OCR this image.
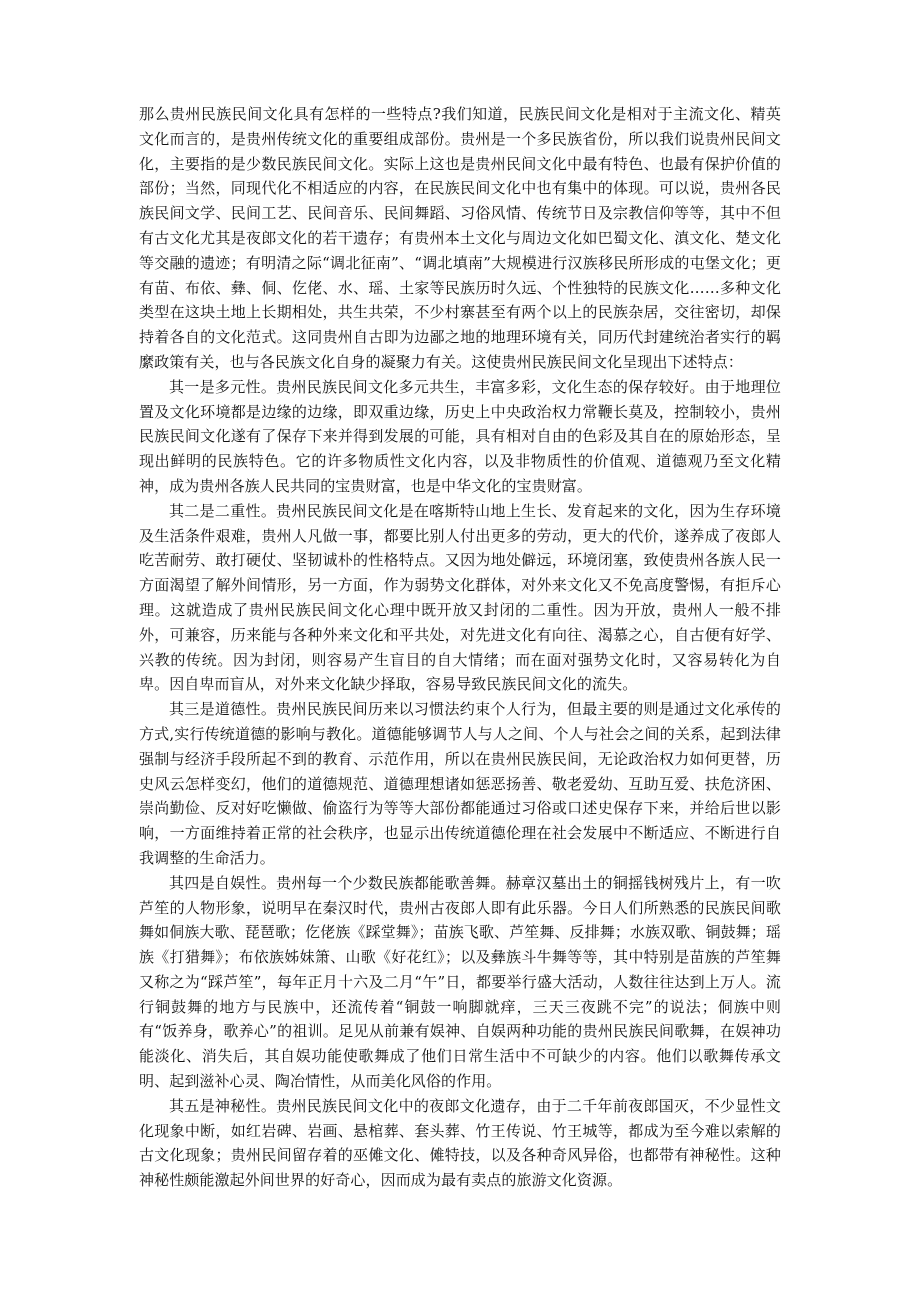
那么贵州民族民间文化具有怎样的一些特点?我们知道，民族民间文化是相对于主流文化、精英文化而言的，是贵州传统文化的重要组成部份。贵州是一个多民族省份，所以我们说贵州民间文化，主要指的是少数民族民间文化。实际上这也是贵州民间文化中最有特色、也最有保护价值的部份；当然，同现代化不相适应的内容，在民族民间文化中也有集中的体现。可以说，贵州各民族民间文学、民间工艺、民间音乐、民间舞蹈、习俗风情、传统节日及宗教信仰等等，其中不但有古文化尤其是夜郎文化的若干遗存；有贵州本土文化与周边文化如巴蜀文化、滇文化、楚文化等交融的遗迹；有明清之际“调北征南”、“调北填南”大规模进行汉族移民所形成的屯堡文化；更有苗、布依、彝、侗、仡佬、水、瑶、土家等民族历时久远、个性独特的民族文化……多种文化类型在这块土地上长期相处，共生共荣，不少村寨甚至有两个以上的民族杂居，交往密切，却保持着各自的文化范式。这同贵州自古即为边鄙之地的地理环境有关，同历代封建统治者实行的羁縻政策有关，也与各民族文化自身的凝聚力有关。这使贵州民族民间文化呈现出下述特点：

其一是多元性。贵州民族民间文化多元共生，丰富多彩，文化生态的保存较好。由于地理位置及文化环境都是边缘的边缘，即双重边缘，历史上中央政治权力常鞭长莫及，控制较小，贵州民族民间文化遂有了保存下来并得到发展的可能，具有相对自由的色彩及其自在的原始形态，呈现出鲜明的民族特色。它的许多物质性文化内容，以及非物质性的价值观、道德观乃至文化精神，成为贵州各族人民共同的宝贵财富，也是中华文化的宝贵财富。

其二是二重性。贵州民族民间文化是在喀斯特山地上生长、发育起来的文化，因为生存环境及生活条件艰难，贵州人凡做一事，都要比别人付出更多的劳动，更大的代价，遂养成了夜郎人吃苦耐劳、敢打硬仗、坚韧诚朴的性格特点。又因为地处僻远，环境闭塞，致使贵州各族人民一方面渴望了解外间情形，另一方面，作为弱势文化群体，对外来文化又不免高度警惕，有拒斥心理。这就造成了贵州民族民间文化心理中既开放又封闭的二重性。因为开放，贵州人一般不排外，可兼容，历来能与各种外来文化和平共处，对先进文化有向往、渴慕之心，自古便有好学、兴教的传统。因为封闭，则容易产生盲目的自大情绪；而在面对强势文化时，又容易转化为自卑。因自卑而盲从，对外来文化缺少择取，容易导致民族民间文化的流失。

其三是道德性。贵州民族民间历来以习惯法约束个人行为，但最主要的则是通过文化承传的方式,实行传统道德的影响与教化。道德能够调节人与人之间、个人与社会之间的关系，起到法律强制与经济手段所起不到的教育、示范作用，所以在贵州民族民间，无论政治权力如何更替，历史风云怎样变幻，他们的道德规范、道德理想诸如惩恶扬善、敬老爱幼、互助互爱、扶危济困、崇尚勤俭、反对好吃懒做、偷盗行为等等大部份都能通过习俗或口述史保存下来，并给后世以影响，一方面维持着正常的社会秩序，也显示出传统道德伦理在社会发展中不断适应、不断进行自我调整的生命活力。

其四是自娱性。贵州每一个少数民族都能歌善舞。赫章汉墓出土的铜摇钱树残片上，有一吹芦笙的人物形象，说明早在秦汉时代，贵州古夜郎人即有此乐器。今日人们所熟悉的民族民间歌舞如侗族大歌、琵琶歌；仡佬族《踩堂舞》；苗族飞歌、芦笙舞、反排舞；水族双歌、铜鼓舞；瑶族《打猎舞》；布依族姊妹箫、山歌《好花红》；以及彝族斗牛舞等等，其中特别是苗族的芦笙舞又称之为“踩芦笙”，每年正月十六及二月“午”日，都要举行盛大活动，人数往往达到上万人。流行铜鼓舞的地方与民族中，还流传着“铜鼓一响脚就痒，三天三夜跳不完”的说法；侗族中则有“饭养身，歌养心”的祖训。足见从前兼有娱神、自娱两种功能的贵州民族民间歌舞，在娱神功能淡化、消失后，其自娱功能使歌舞成了他们日常生活中不可缺少的内容。他们以歌舞传承文明、起到滋补心灵、陶冶情性，从而美化风俗的作用。

其五是神秘性。贵州民族民间文化中的夜郎文化遗存，由于二千年前夜郎国灭，不少显性文化现象中断，如红岩碑、岩画、悬棺葬、套头葬、竹王传说、竹王城等，都成为至今难以索解的古文化现象；贵州民间留存着的巫傩文化、傩特技，以及各种奇风异俗，也都带有神秘性。这种神秘性颇能激起外间世界的好奇心，因而成为最有卖点的旅游文化资源。
